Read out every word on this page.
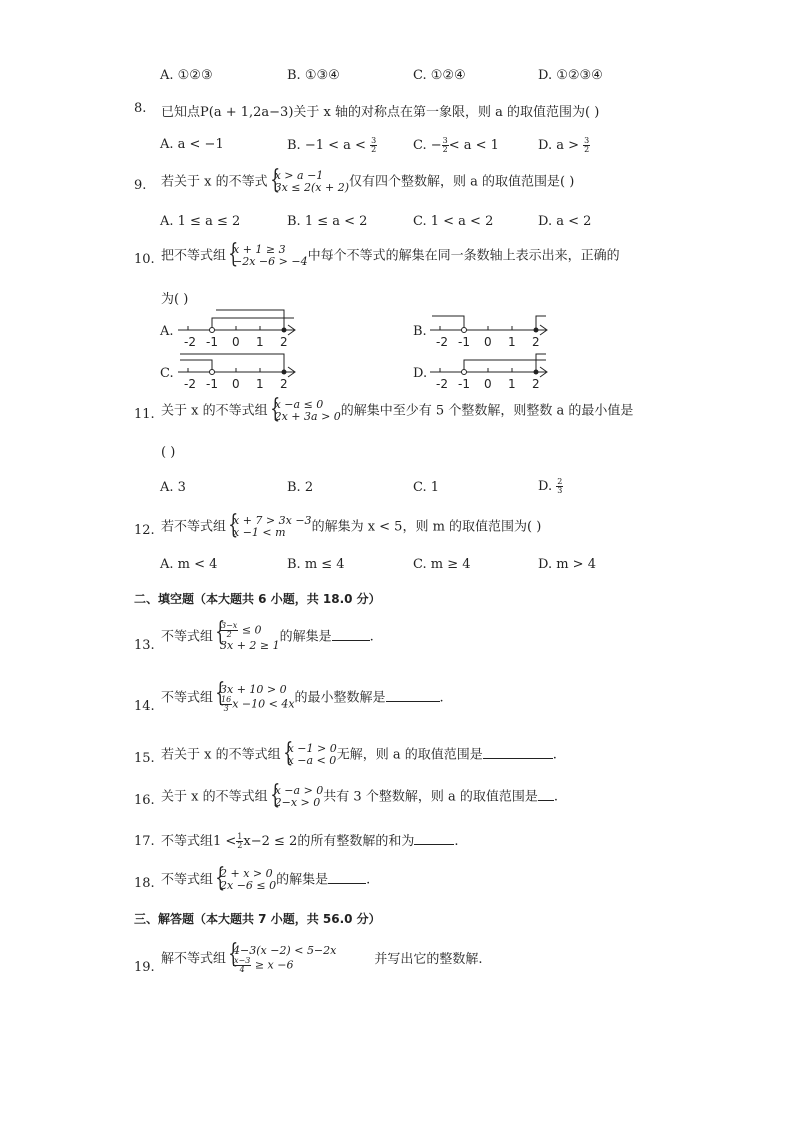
A. ①②③	B. ①③④	C. ①②④	D. ①②③④
8. 已知点P(a + 1,2a−3)关于 x 轴的对称点在第一象限，则 a 的取值范围为( )
A. a < −1	B. $-1 < a < \frac{3}{2}$	C. − $\frac{3}{2} < a < 1$	D. $a > \frac{3}{2}$
9. 若关于 x 的不等式 { x > a −1
3x ≤ 2(x + 2) 仅有四个整数解，则 a 的取值范围是( )
A. 1 ≤ a ≤ 2	B. 1 ≤ a < 2	C. 1 < a < 2	D. a < 2
10. 把不等式组 { x + 1 ≥ 3
−2x −6 > −4 中每个不等式的解集在同一条数轴上表示出来，正确的
为( )
A.	B.
C.	D.
-2 -1 0 1 2	-2 -1 0 1 2
-2 -1 0 1 2	-2 -1 0 1 2
11. 关于 x 的不等式组 { x −a ≤ 0
2x + 3a > 0 的解集中至少有 5 个整数解，则整数 a 的最小值是
( )
A. 3	B. 2	C. 1	D. $\frac{2}{3}$
12. 若不等式组 { x + 7 > 3x −3
x −1 < m	的解集为 x < 5，则 m 的取值范围为( )
A. m < 4	B. m ≤ 4	C. m ≥ 4	D. m > 4
二、填空题（本大题共 6 小题，共 18.0 分）
13.
不等式组 { $\frac{3-x}{2} \le 0$
3x + 2 ≥ 1
的解集是	.
14.
不等式组
{ 3x + 10 > 0
$\frac{16}{3}$ x −10 < 4x 的最小整数解是	.
15. 若关于 x 的不等式组 { x −1 > 0
x −a < 0 无解，则 a 的取值范围是	.
16. 关于 x 的不等式组 { x −a > 0
2−x > 0 共有 3 个整数解，则 a 的取值范围是 .
17. 不等式组$1 < \frac{1}{2} x-2 \le 2$的所有整数解的和为	.
18. 不等式组 { 2 + x > 0
2x −6 ≤ 0 的解集是	.
三、解答题（本大题共 7 小题，共 56.0 分）
19.
解不等式组
{ 4−3(x −2) < 5−2x
$\frac{x-3}{4} \ge x -6$	并写出它的整数解.
